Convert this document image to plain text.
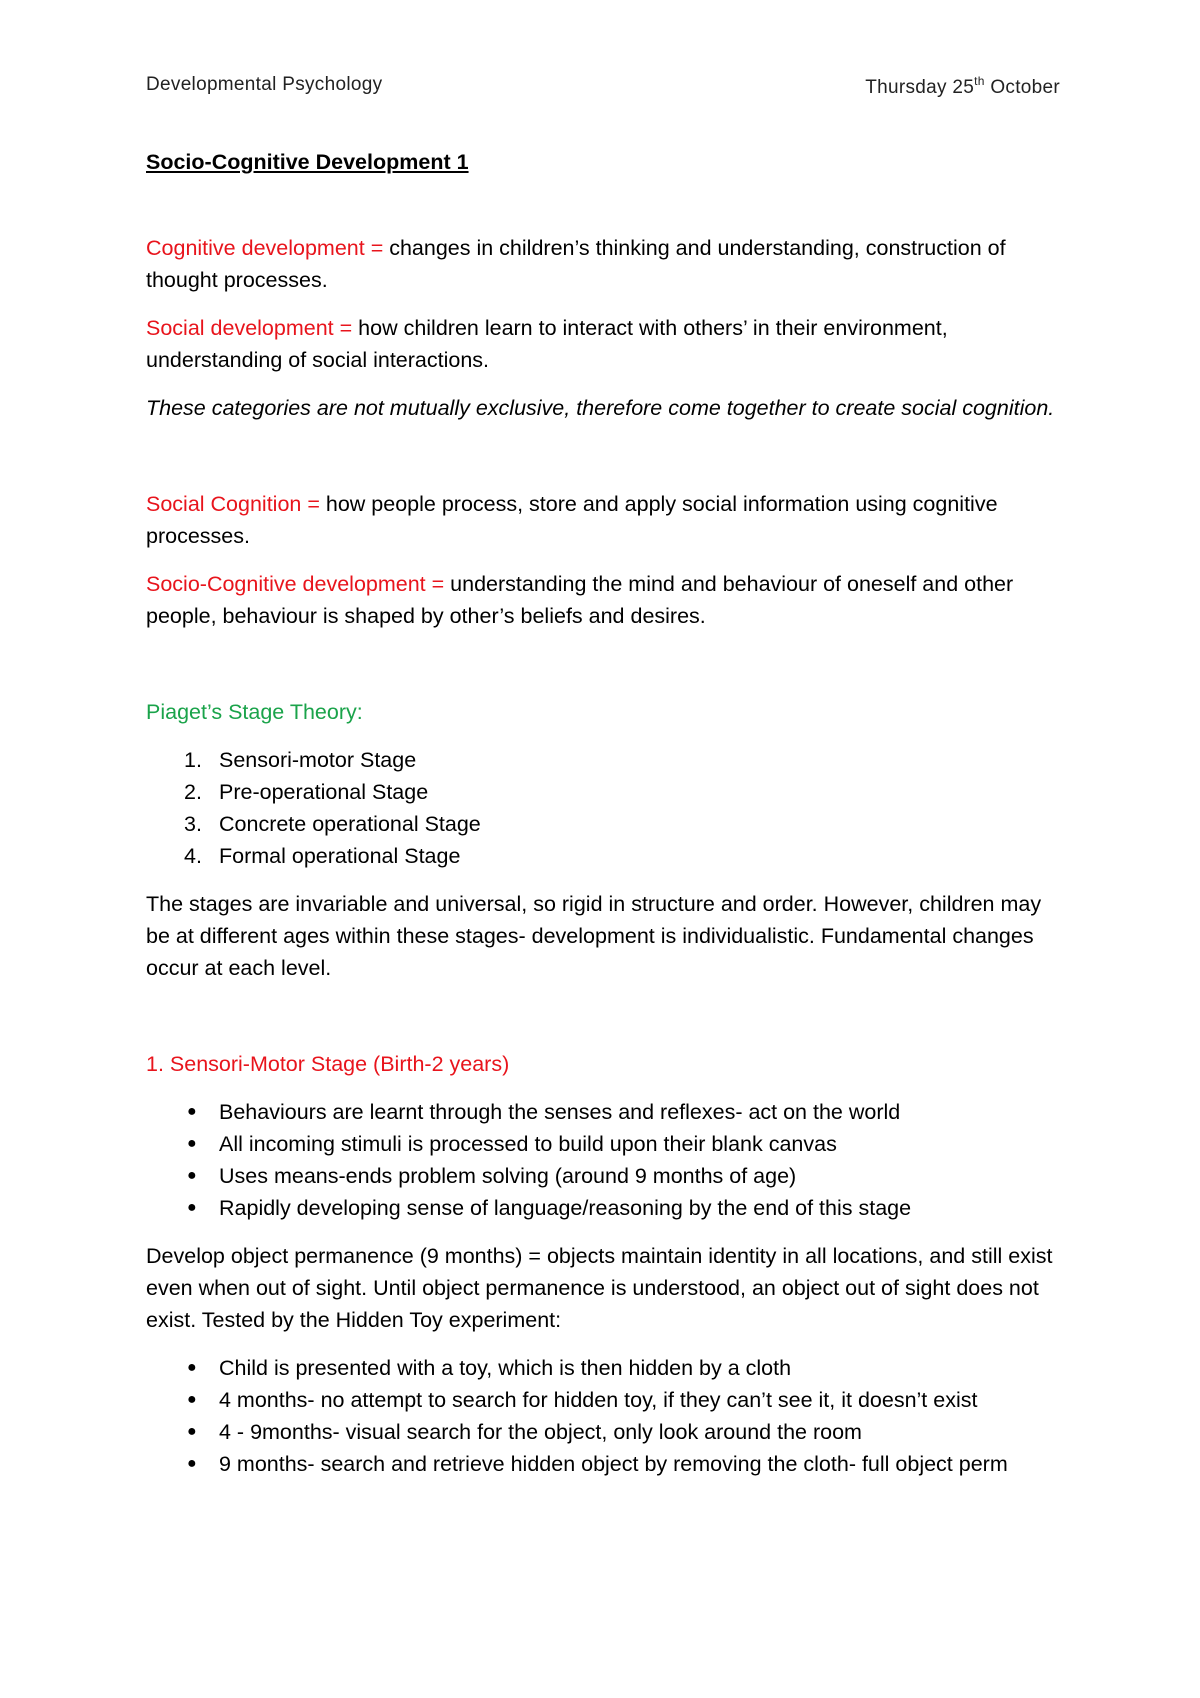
Developmental Psychology	Thursday 25th October
Socio-Cognitive Development 1

Cognitive development = changes in children’s thinking and understanding, construction of thought processes.

Social development = how children learn to interact with others’ in their environment, understanding of social interactions.

These categories are not mutually exclusive, therefore come together to create social cognition.

Social Cognition = how people process, store and apply social information using cognitive processes.

Socio-Cognitive development = understanding the mind and behaviour of oneself and other people, behaviour is shaped by other’s beliefs and desires.

Piaget’s Stage Theory:

1. Sensori-motor Stage
2. Pre-operational Stage
3. Concrete operational Stage
4. Formal operational Stage

The stages are invariable and universal, so rigid in structure and order. However, children may be at different ages within these stages- development is individualistic. Fundamental changes occur at each level.

1. Sensori-Motor Stage (Birth-2 years)

● Behaviours are learnt through the senses and reflexes- act on the world
● All incoming stimuli is processed to build upon their blank canvas
● Uses means-ends problem solving (around 9 months of age)
● Rapidly developing sense of language/reasoning by the end of this stage

Develop object permanence (9 months) = objects maintain identity in all locations, and still exist even when out of sight. Until object permanence is understood, an object out of sight does not exist. Tested by the Hidden Toy experiment:

● Child is presented with a toy, which is then hidden by a cloth
● 4 months- no attempt to search for hidden toy, if they can’t see it, it doesn’t exist
● 4 - 9months- visual search for the object, only look around the room
● 9 months- search and retrieve hidden object by removing the cloth- full object perm
